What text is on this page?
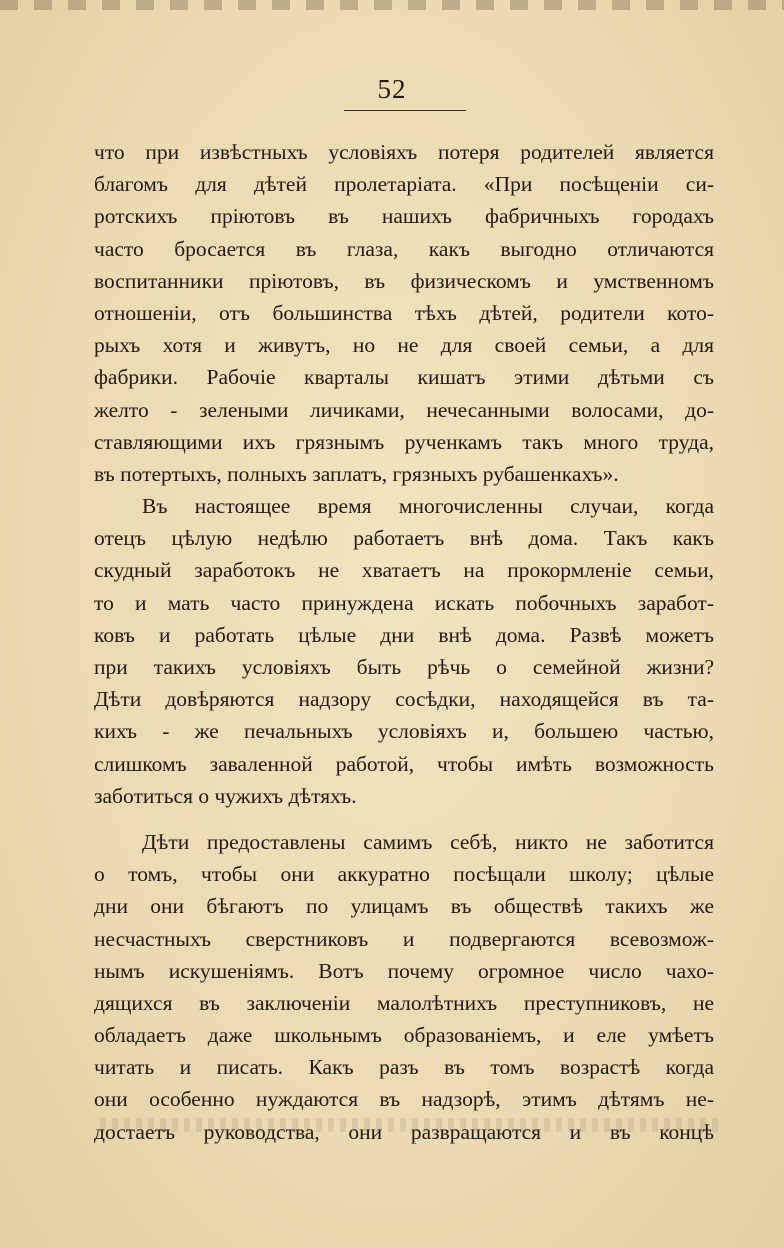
52
что при извѣстныхъ условіяхъ потеря родителей является
благомъ для дѣтей пролетаріата. «При посѣщеніи си-
ротскихъ пріютовъ въ нашихъ фабричныхъ городахъ
часто бросается въ глаза, какъ выгодно отличаются
воспитанники пріютовъ, въ физическомъ и умственномъ
отношеніи, отъ большинства тѣхъ дѣтей, родители кото-
рыхъ хотя и живутъ, но не для своей семьи, а для
фабрики. Рабочіе кварталы кишатъ этими дѣтьми съ
желто - зелеными личиками, нечесанными волосами, до-
ставляющими ихъ грязнымъ рученкамъ такъ много труда,
въ потертыхъ, полныхъ заплатъ, грязныхъ рубашенкахъ».
Въ настоящее время многочисленны случаи, когда
отецъ цѣлую недѣлю работаетъ внѣ дома. Такъ какъ
скудный заработокъ не хватаетъ на прокормленіе семьи,
то и мать часто принуждена искать побочныхъ заработ-
ковъ и работать цѣлые дни внѣ дома. Развѣ можетъ
при такихъ условіяхъ быть рѣчь о семейной жизни?
Дѣти довѣряются надзору сосѣдки, находящейся въ та-
кихъ - же печальныхъ условіяхъ и, большею частью,
слишкомъ заваленной работой, чтобы имѣть возможность
заботиться о чужихъ дѣтяхъ.
Дѣти предоставлены самимъ себѣ, никто не заботится
о томъ, чтобы они аккуратно посѣщали школу; цѣлые
дни они бѣгаютъ по улицамъ въ обществѣ такихъ же
несчастныхъ сверстниковъ и подвергаются всевозмож-
нымъ искушеніямъ. Вотъ почему огромное число чахо-
дящихся въ заключеніи малолѣтнихъ преступниковъ, не
обладаетъ даже школьнымъ образованіемъ, и еле умѣетъ
читать и писать. Какъ разъ въ томъ возрастѣ когда
они особенно нуждаются въ надзорѣ, этимъ дѣтямъ не-
достаетъ руководства, они развращаются и въ концѣ
